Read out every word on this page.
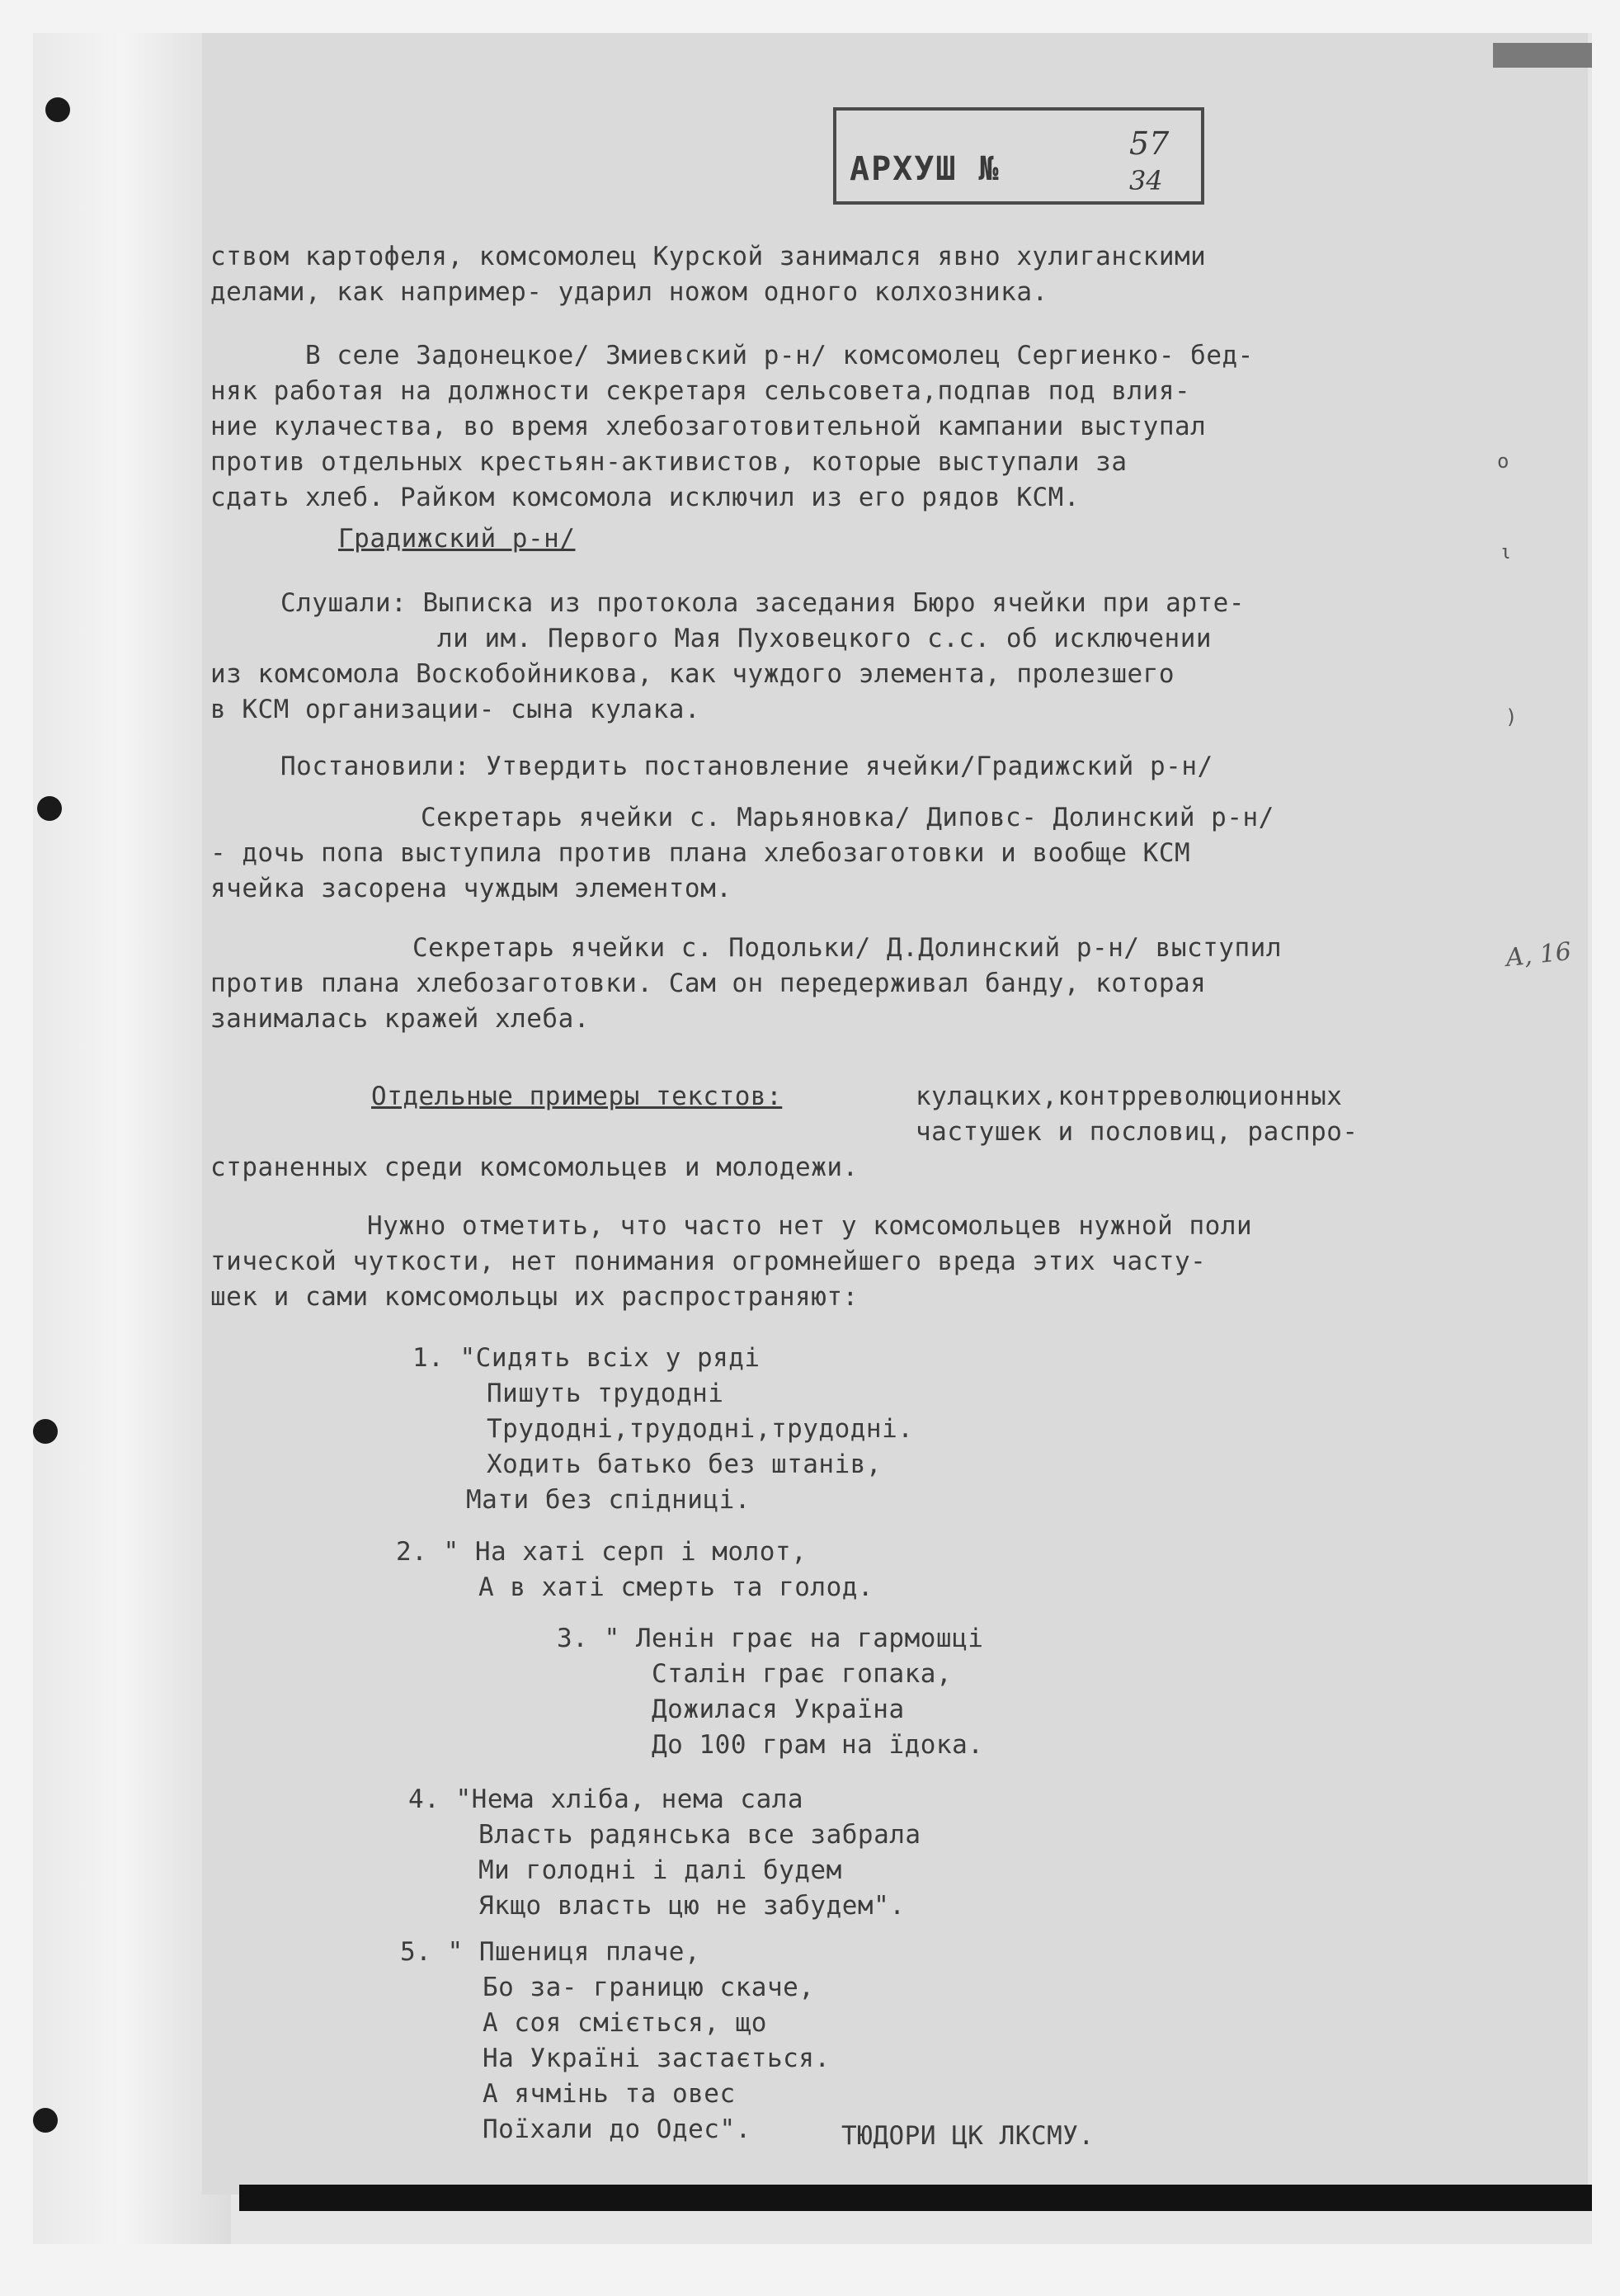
АРХУШ №
57
34
ством картофеля, комсомолец Курской занимался явно хулиганскими
делами, как например- ударил ножом одного колхозника.
В селе Задонецкое/ Змиевский р-н/ комсомолец Сергиенко- бед-
няк работая на должности секретаря сельсовета,подпав под влия-
ние кулачества, во время хлебозаготовительной кампании выступал
против отдельных крестьян-активистов, которые выступали за
сдать хлеб. Райком комсомола исключил из его рядов КСМ.
Градижский р-н/
Слушали: Выписка из протокола заседания Бюро ячейки при арте-
ли им. Первого Мая Пуховецкого с.с. об исключении
из комсомола Воскобойникова, как чуждого элемента, пролезшего
в КСМ организации- сына кулака.
Постановили: Утвердить постановление ячейки/Градижский р-н/
Секретарь ячейки с. Марьяновка/ Диповс- Долинский р-н/
- дочь попа выступила против плана хлебозаготовки и вообще КСМ
ячейка засорена чуждым элементом.
Секретарь ячейки с. Подольки/ Д.Долинский р-н/ выступил
против плана хлебозаготовки. Сам он передерживал банду, которая
занималась кражей хлеба.
Отдельные примеры текстов:	кулацких,контрреволюционных
частушек и пословиц, распро-
страненных среди комсомольцев и молодежи.
Нужно отметить, что часто нет у комсомольцев нужной поли
тической чуткости, нет понимания огромнейшего вреда этих часту-
шек и сами комсомольцы их распространяют:
1. "Сидять всiх у рядi
Пишуть трудоднi
Трудоднi,трудоднi,трудоднi.
Ходить батько без штанiв,
Мати без спiдницi.
2. " На хатi серп i молот,
А в хатi смерть та голод.
3. " Ленiн грає на гармошцi
Сталiн грає гопака,
Дожилася Україна
До 100 грам на їдока.
4. "Нема хлiба, нема сала
Власть радянська все забрала
Ми голоднi i далi будем
Якщо власть цю не забудем".
5. " Пшениця плаче,
Бо за- границю скаче,
А соя смiється, що
На Українi застається.
А ячмiнь та овес
Поїхали до Одес".	ТЮДОРИ ЦК ЛКСМУ.
А, 16
o
ι
)
